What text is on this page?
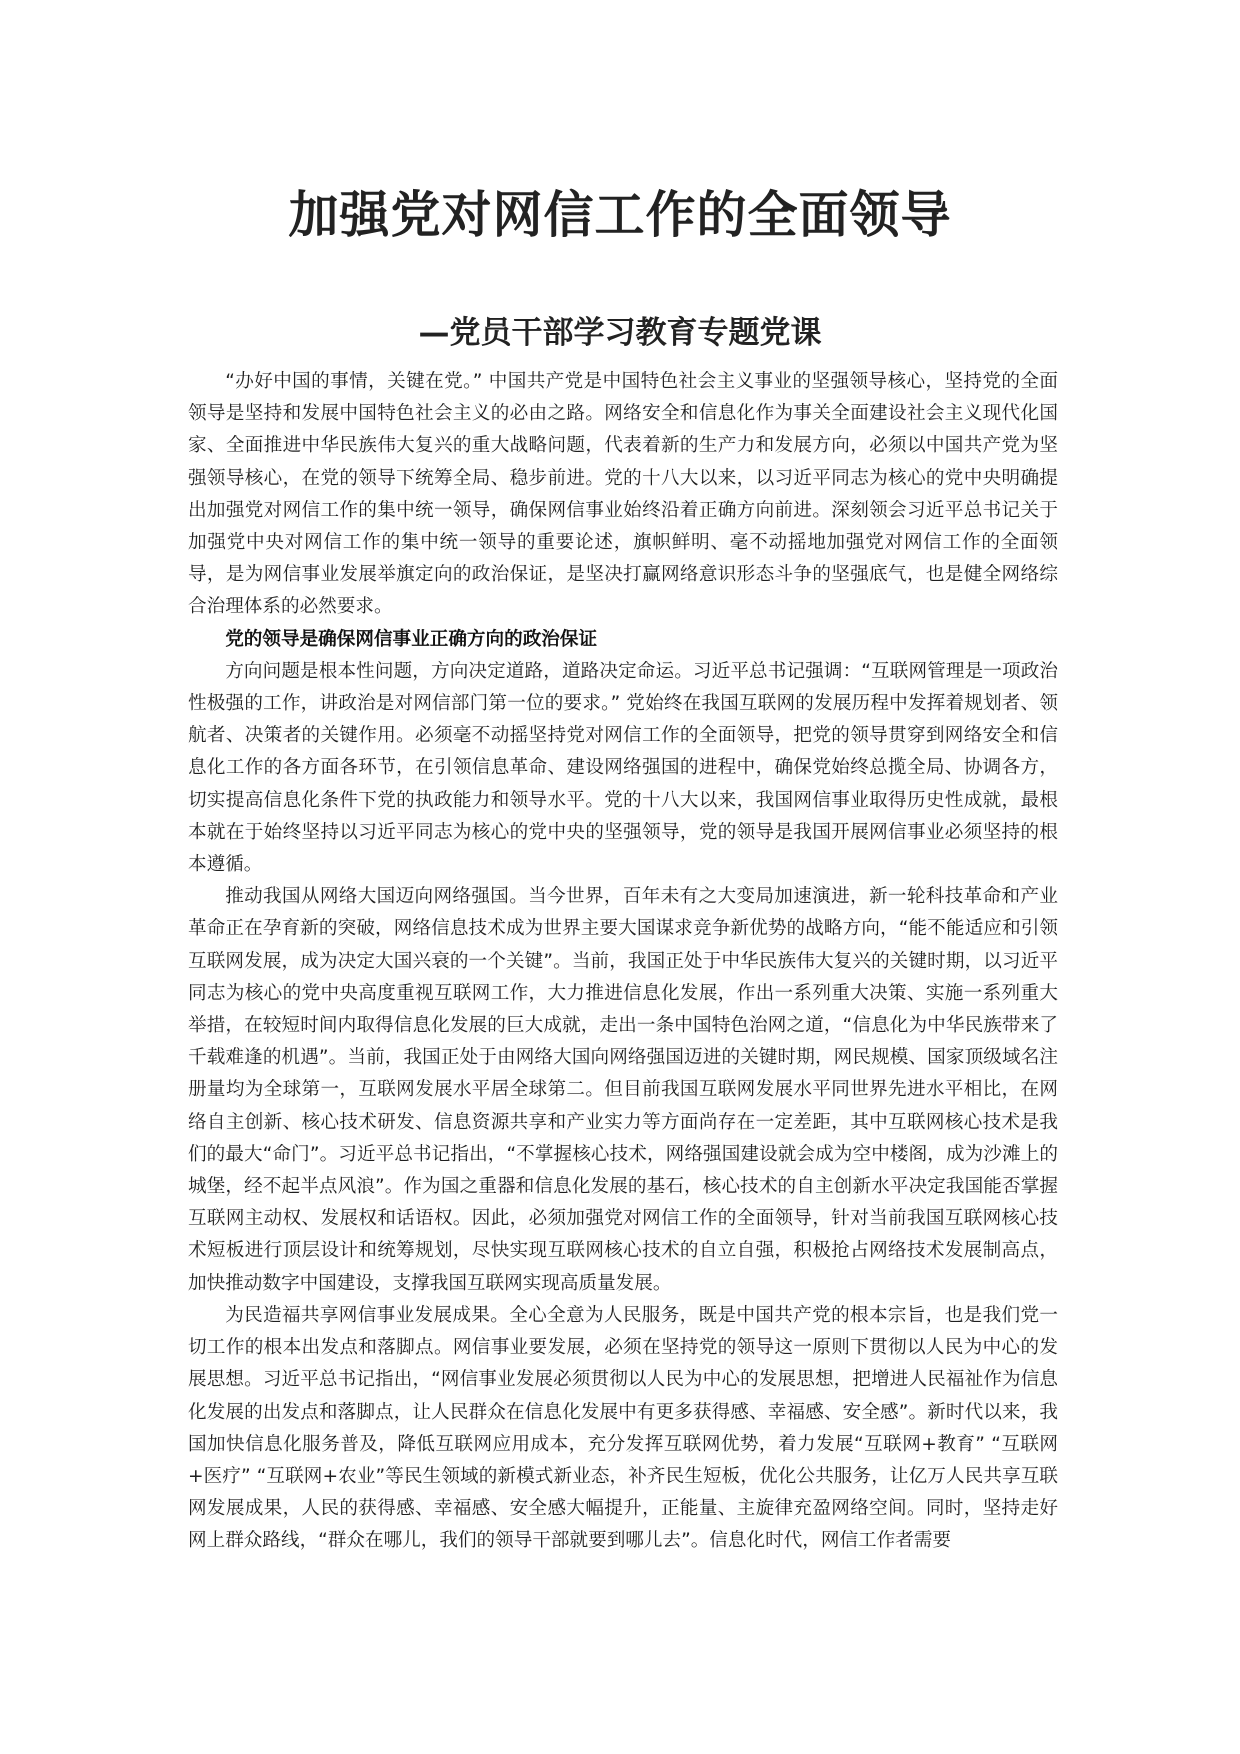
加强党对网信工作的全面领导
—党员干部学习教育专题党课

“办好中国的事情，关键在党。” 中国共产党是中国特色社会主义事业的坚强领导核心，坚持党的全面领导是坚持和发展中国特色社会主义的必由之路。网络安全和信息化作为事关全面建设社会主义现代化国家、全面推进中华民族伟大复兴的重大战略问题，代表着新的生产力和发展方向，必须以中国共产党为坚强领导核心，在党的领导下统筹全局、稳步前进。党的十八大以来，以习近平同志为核心的党中央明确提出加强党对网信工作的集中统一领导，确保网信事业始终沿着正确方向前进。深刻领会习近平总书记关于加强党中央对网信工作的集中统一领导的重要论述，旗帜鲜明、毫不动摇地加强党对网信工作的全面领导，是为网信事业发展举旗定向的政治保证，是坚决打赢网络意识形态斗争的坚强底气，也是健全网络综合治理体系的必然要求。

党的领导是确保网信事业正确方向的政治保证

方向问题是根本性问题，方向决定道路，道路决定命运。习近平总书记强调：“互联网管理是一项政治性极强的工作，讲政治是对网信部门第一位的要求。” 党始终在我国互联网的发展历程中发挥着规划者、领航者、决策者的关键作用。必须毫不动摇坚持党对网信工作的全面领导，把党的领导贯穿到网络安全和信息化工作的各方面各环节，在引领信息革命、建设网络强国的进程中，确保党始终总揽全局、协调各方，切实提高信息化条件下党的执政能力和领导水平。党的十八大以来，我国网信事业取得历史性成就，最根本就在于始终坚持以习近平同志为核心的党中央的坚强领导，党的领导是我国开展网信事业必须坚持的根本遵循。

推动我国从网络大国迈向网络强国。当今世界，百年未有之大变局加速演进，新一轮科技革命和产业革命正在孕育新的突破，网络信息技术成为世界主要大国谋求竞争新优势的战略方向，“能不能适应和引领互联网发展，成为决定大国兴衰的一个关键”。当前，我国正处于中华民族伟大复兴的关键时期，以习近平同志为核心的党中央高度重视互联网工作，大力推进信息化发展，作出一系列重大决策、实施一系列重大举措，在较短时间内取得信息化发展的巨大成就，走出一条中国特色治网之道，“信息化为中华民族带来了千载难逢的机遇”。当前，我国正处于由网络大国向网络强国迈进的关键时期，网民规模、国家顶级域名注册量均为全球第一，互联网发展水平居全球第二。但目前我国互联网发展水平同世界先进水平相比，在网络自主创新、核心技术研发、信息资源共享和产业实力等方面尚存在一定差距，其中互联网核心技术是我们的最大“命门”。习近平总书记指出，“不掌握核心技术，网络强国建设就会成为空中楼阁，成为沙滩上的城堡，经不起半点风浪”。作为国之重器和信息化发展的基石，核心技术的自主创新水平决定我国能否掌握互联网主动权、发展权和话语权。因此，必须加强党对网信工作的全面领导，针对当前我国互联网核心技术短板进行顶层设计和统筹规划，尽快实现互联网核心技术的自立自强，积极抢占网络技术发展制高点，加快推动数字中国建设，支撑我国互联网实现高质量发展。

为民造福共享网信事业发展成果。全心全意为人民服务，既是中国共产党的根本宗旨，也是我们党一切工作的根本出发点和落脚点。网信事业要发展，必须在坚持党的领导这一原则下贯彻以人民为中心的发展思想。习近平总书记指出，“网信事业发展必须贯彻以人民为中心的发展思想，把增进人民福祉作为信息化发展的出发点和落脚点，让人民群众在信息化发展中有更多获得感、幸福感、安全感”。新时代以来，我国加快信息化服务普及，降低互联网应用成本，充分发挥互联网优势，着力发展“互联网+教育” “互联网+医疗” “互联网+农业”等民生领域的新模式新业态，补齐民生短板，优化公共服务，让亿万人民共享互联网发展成果，人民的获得感、幸福感、安全感大幅提升，正能量、主旋律充盈网络空间。同时，坚持走好网上群众路线，“群众在哪儿，我们的领导干部就要到哪儿去”。信息化时代，网信工作者需要
